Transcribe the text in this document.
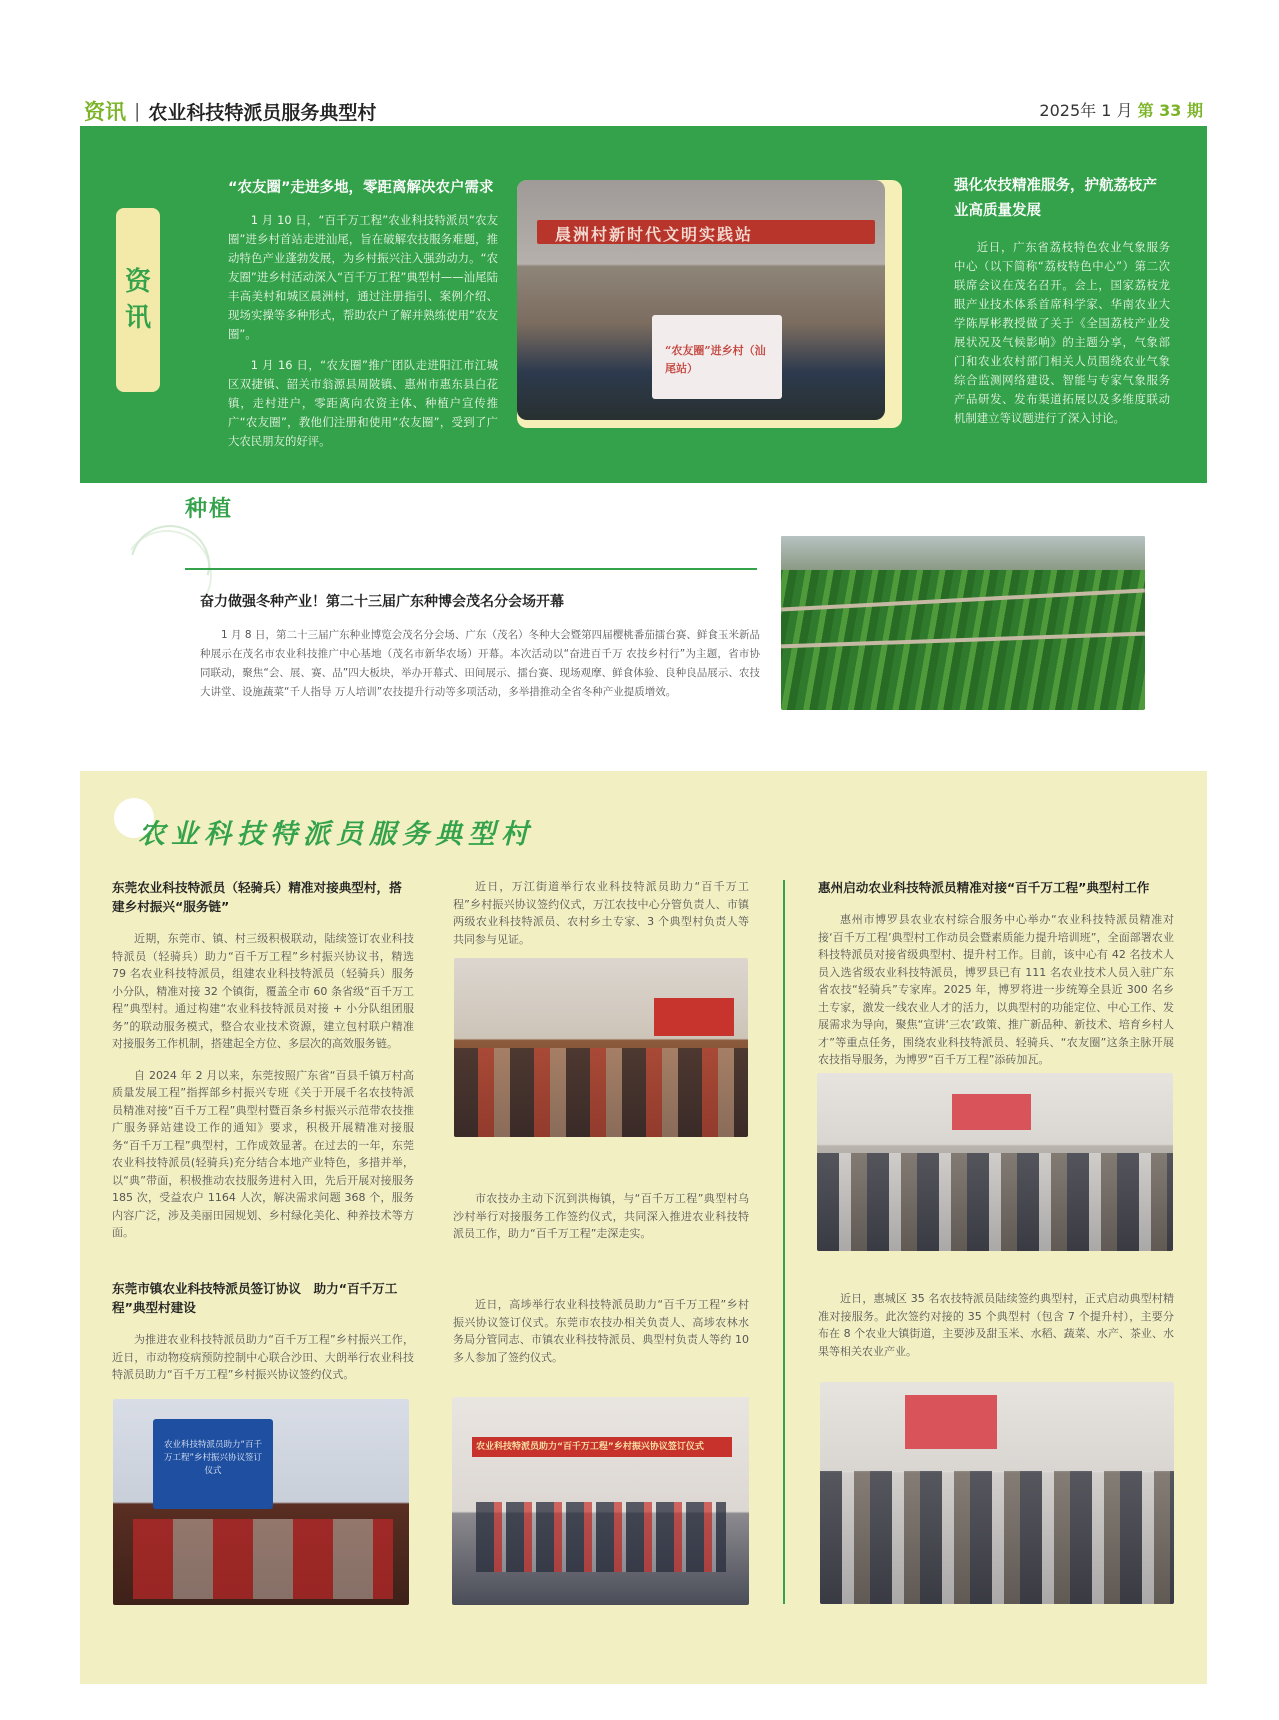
资讯 | 农业科技特派员服务典型村	2025年 1 月 第 33 期
资
讯
“农友圈”走进多地，零距离解决农户需求

1 月 10 日，“百千万工程”农业科技特派员“农友圈”进乡村首站走进汕尾，旨在破解农技服务难题，推动特色产业蓬勃发展，为乡村振兴注入强劲动力。“农友圈”进乡村活动深入“百千万工程”典型村——汕尾陆丰高美村和城区晨洲村，通过注册指引、案例介绍、现场实操等多种形式，帮助农户了解并熟练使用“农友圈”。

1 月 16 日，“农友圈”推广团队走进阳江市江城区双捷镇、韶关市翁源县周陂镇、惠州市惠东县白花镇，走村进户，零距离向农资主体、种植户宣传推广“农友圈”，教他们注册和使用“农友圈”，受到了广大农民朋友的好评。

晨洲村新时代文明实践站
“农友圈”进乡村（汕尾站）
强化农技精准服务，护航荔枝产业高质量发展

近日，广东省荔枝特色农业气象服务中心（以下简称“荔枝特色中心”）第二次联席会议在茂名召开。会上，国家荔枝龙眼产业技术体系首席科学家、华南农业大学陈厚彬教授做了关于《全国荔枝产业发展状况及气候影响》的主题分享，气象部门和农业农村部门相关人员围绕农业气象综合监测网络建设、智能与专家气象服务产品研发、发布渠道拓展以及多维度联动机制建立等议题进行了深入讨论。

种植
奋力做强冬种产业！第二十三届广东种博会茂名分会场开幕

1 月 8 日，第二十三届广东种业博览会茂名分会场、广东（茂名）冬种大会暨第四届樱桃番茄擂台赛、鲜食玉米新品种展示在茂名市农业科技推广中心基地（茂名市新华农场）开幕。本次活动以“奋进百千万 农技乡村行”为主题，省市协同联动，聚焦“会、展、赛、品”四大板块，举办开幕式、田间展示、擂台赛、现场观摩、鲜食体验、良种良品展示、农技大讲堂、设施蔬菜“千人指导 万人培训”农技提升行动等多项活动，多举措推动全省冬种产业提质增效。

农业科技特派员服务典型村
东莞农业科技特派员（轻骑兵）精准对接典型村，搭建乡村振兴“服务链”

近期，东莞市、镇、村三级积极联动，陆续签订农业科技特派员（轻骑兵）助力“百千万工程”乡村振兴协议书，精选 79 名农业科技特派员，组建农业科技特派员（轻骑兵）服务小分队，精准对接 32 个镇街，覆盖全市 60 条省级“百千万工程”典型村。通过构建“农业科技特派员对接 + 小分队组团服务”的联动服务模式，整合农业技术资源，建立包村联户精准对接服务工作机制，搭建起全方位、多层次的高效服务链。

自 2024 年 2 月以来，东莞按照广东省“百县千镇万村高质量发展工程”指挥部乡村振兴专班《关于开展千名农技特派员精准对接“百千万工程”典型村暨百条乡村振兴示范带农技推广服务驿站建设工作的通知》要求，积极开展精准对接服务“百千万工程”典型村，工作成效显著。在过去的一年，东莞农业科技特派员(轻骑兵)充分结合本地产业特色，多措并举，以“典”带面，积极推动农技服务进村入田，先后开展对接服务 185 次，受益农户 1164 人次，解决需求问题 368 个，服务内容广泛，涉及美丽田园规划、乡村绿化美化、种养技术等方面。

东莞市镇农业科技特派员签订协议　助力“百千万工程”典型村建设

为推进农业科技特派员助力“百千万工程”乡村振兴工作，近日，市动物疫病预防控制中心联合沙田、大朗举行农业科技特派员助力“百千万工程”乡村振兴协议签约仪式。

农业科技特派员助力“百千万工程”乡村振兴协议签订仪式

近日，万江街道举行农业科技特派员助力“百千万工程”乡村振兴协议签约仪式，万江农技中心分管负责人、市镇两级农业科技特派员、农村乡土专家、3 个典型村负责人等共同参与见证。

市农技办主动下沉到洪梅镇，与“百千万工程”典型村乌沙村举行对接服务工作签约仪式，共同深入推进农业科技特派员工作，助力“百千万工程”走深走实。

近日，高埗举行农业科技特派员助力“百千万工程”乡村振兴协议签订仪式。东莞市农技办相关负责人、高埗农林水务局分管同志、市镇农业科技特派员、典型村负责人等约 10 多人参加了签约仪式。

农业科技特派员助力“百千万工程”乡村振兴协议签订仪式
惠州启动农业科技特派员精准对接“百千万工程”典型村工作

惠州市博罗县农业农村综合服务中心举办“农业科技特派员精准对接‘百千万工程’典型村工作动员会暨素质能力提升培训班”，全面部署农业科技特派员对接省级典型村、提升村工作。目前，该中心有 42 名技术人员入选省级农业科技特派员，博罗县已有 111 名农业技术人员入驻广东省农技“轻骑兵”专家库。2025 年，博罗将进一步统筹全县近 300 名乡土专家，激发一线农业人才的活力，以典型村的功能定位、中心工作、发展需求为导向，聚焦“宣讲‘三农’政策、推广新品种、新技术、培育乡村人才”等重点任务，围绕农业科技特派员、轻骑兵、“农友圈”这条主脉开展农技指导服务，为博罗“百千万工程”添砖加瓦。

近日，惠城区 35 名农技特派员陆续签约典型村，正式启动典型村精准对接服务。此次签约对接的 35 个典型村（包含 7 个提升村），主要分布在 8 个农业大镇街道，主要涉及甜玉米、水稻、蔬菜、水产、茶业、水果等相关农业产业。
